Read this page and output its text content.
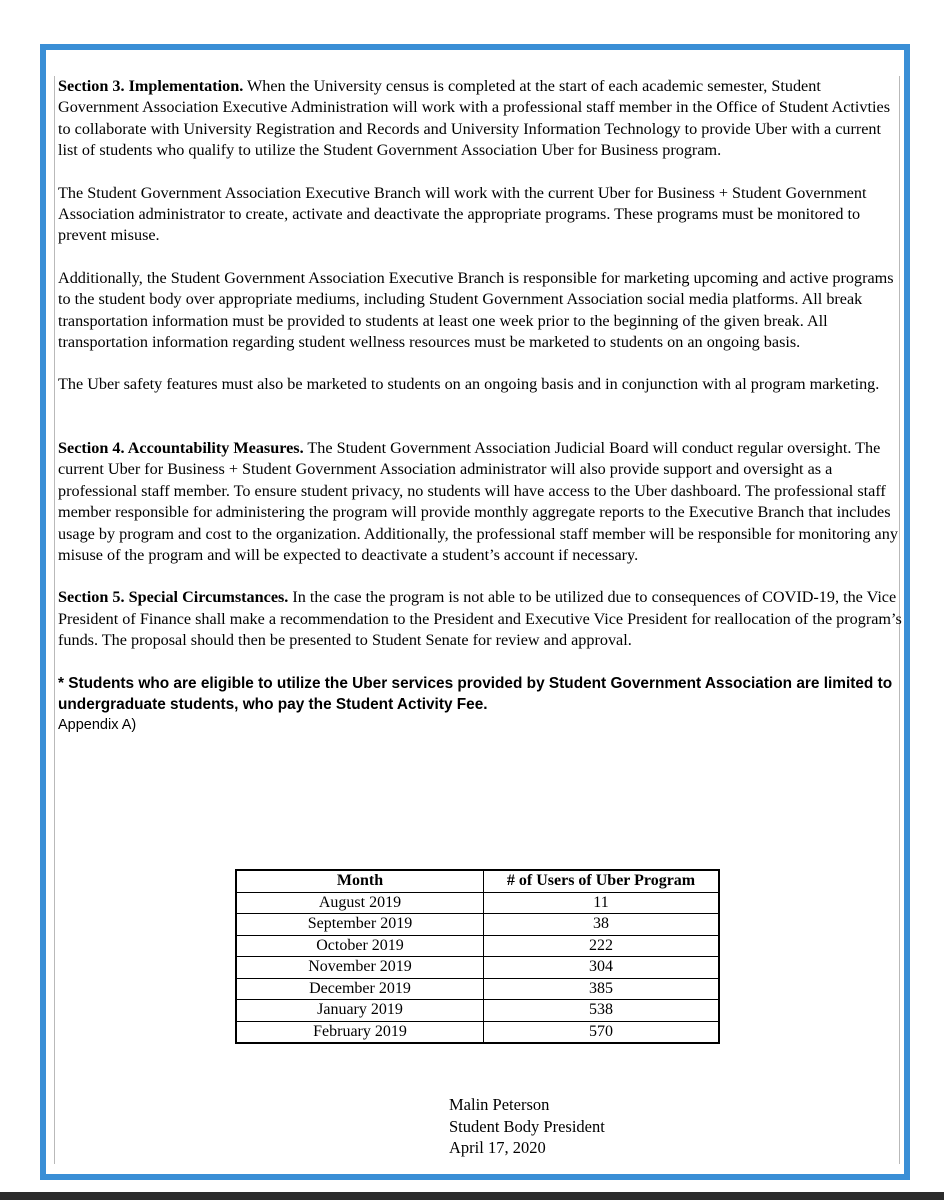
Section 3. Implementation. When the University census is completed at the start of each academic semester, Student Government Association Executive Administration will work with a professional staff member in the Office of Student Activties to collaborate with University Registration and Records and University Information Technology to provide Uber with a current list of students who qualify to utilize the Student Government Association Uber for Business program.

The Student Government Association Executive Branch will work with the current Uber for Business + Student Government Association administrator to create, activate and deactivate the appropriate programs. These programs must be monitored to prevent misuse.

Additionally, the Student Government Association Executive Branch is responsible for marketing upcoming and active programs to the student body over appropriate mediums, including Student Government Association social media platforms. All break transportation information must be provided to students at least one week prior to the beginning of the given break. All transportation information regarding student wellness resources must be marketed to students on an ongoing basis.

The Uber safety features must also be marketed to students on an ongoing basis and in conjunction with al program marketing.

Section 4. Accountability Measures. The Student Government Association Judicial Board will conduct regular oversight. The current Uber for Business + Student Government Association administrator will also provide support and oversight as a professional staff member. To ensure student privacy, no students will have access to the Uber dashboard. The professional staff member responsible for administering the program will provide monthly aggregate reports to the Executive Branch that includes usage by program and cost to the organization. Additionally, the professional staff member will be responsible for monitoring any misuse of the program and will be expected to deactivate a student’s account if necessary.

Section 5. Special Circumstances. In the case the program is not able to be utilized due to consequences of COVID-19, the Vice President of Finance shall make a recommendation to the President and Executive Vice President for reallocation of the program’s funds. The proposal should then be presented to Student Senate for review and approval.

* Students who are eligible to utilize the Uber services provided by Student Government Association are limited to undergraduate students, who pay the Student Activity Fee.

Appendix A)

Month	# of Users of Uber Program
August 2019	11
September 2019	38
October 2019	222
November 2019	304
December 2019	385
January 2019	538
February 2019	570
Malin Peterson
Student Body President
April 17, 2020
